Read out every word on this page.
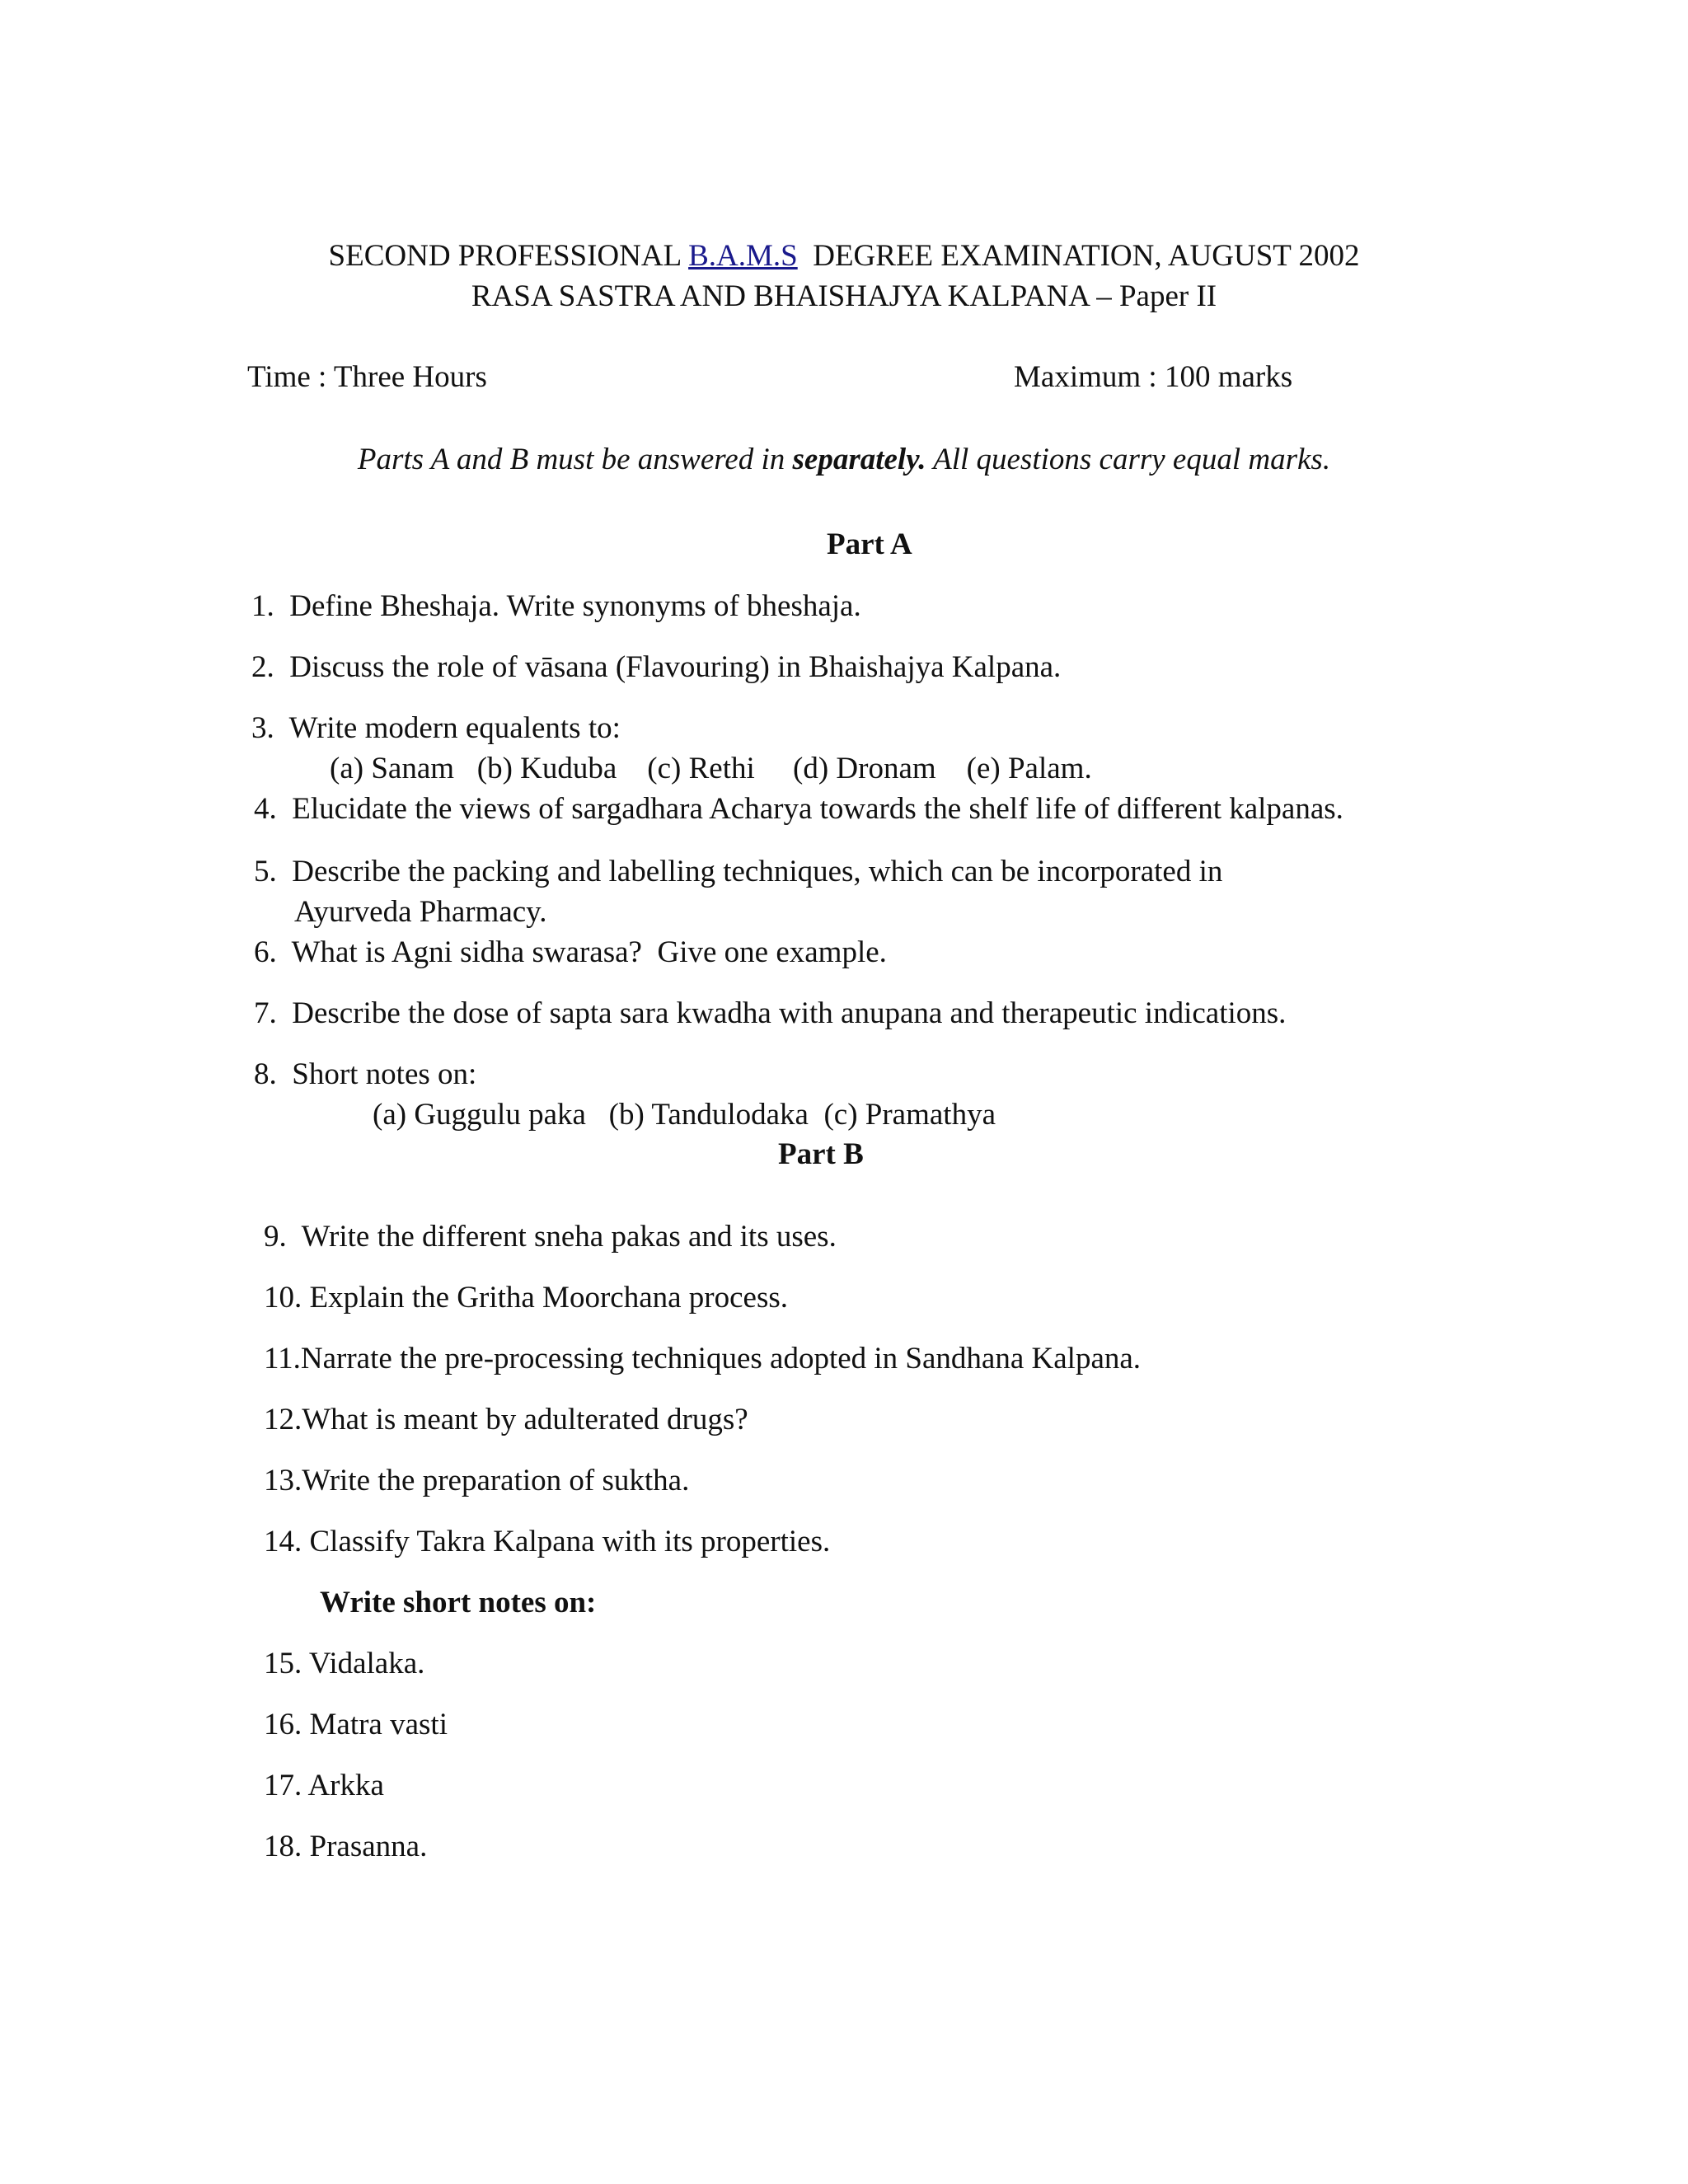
SECOND PROFESSIONAL B.A.M.S  DEGREE EXAMINATION, AUGUST 2002
RASA SASTRA AND BHAISHAJYA KALPANA – Paper II
Time : Three Hours	Maximum : 100 marks
Parts A and B must be answered in separately. All questions carry equal marks.
Part A
1.  Define Bheshaja. Write synonyms of bheshaja.
2.  Discuss the role of vāsana (Flavouring) in Bhaishajya Kalpana.
3.  Write modern equalents to:
(a) Sanam   (b) Kuduba    (c) Rethi     (d) Dronam    (e) Palam.
4.  Elucidate the views of sargadhara Acharya towards the shelf life of different kalpanas.
5.  Describe the packing and labelling techniques, which can be incorporated in
Ayurveda Pharmacy.
6.  What is Agni sidha swarasa?  Give one example.
7.  Describe the dose of sapta sara kwadha with anupana and therapeutic indications.
8.  Short notes on:
(a) Guggulu paka   (b) Tandulodaka  (c) Pramathya
Part B
9.  Write the different sneha pakas and its uses.
10. Explain the Gritha Moorchana process.
11.Narrate the pre-processing techniques adopted in Sandhana Kalpana.
12.What is meant by adulterated drugs?
13.Write the preparation of suktha.
14. Classify Takra Kalpana with its properties.
Write short notes on:
15. Vidalaka.
16. Matra vasti
17. Arkka
18. Prasanna.
